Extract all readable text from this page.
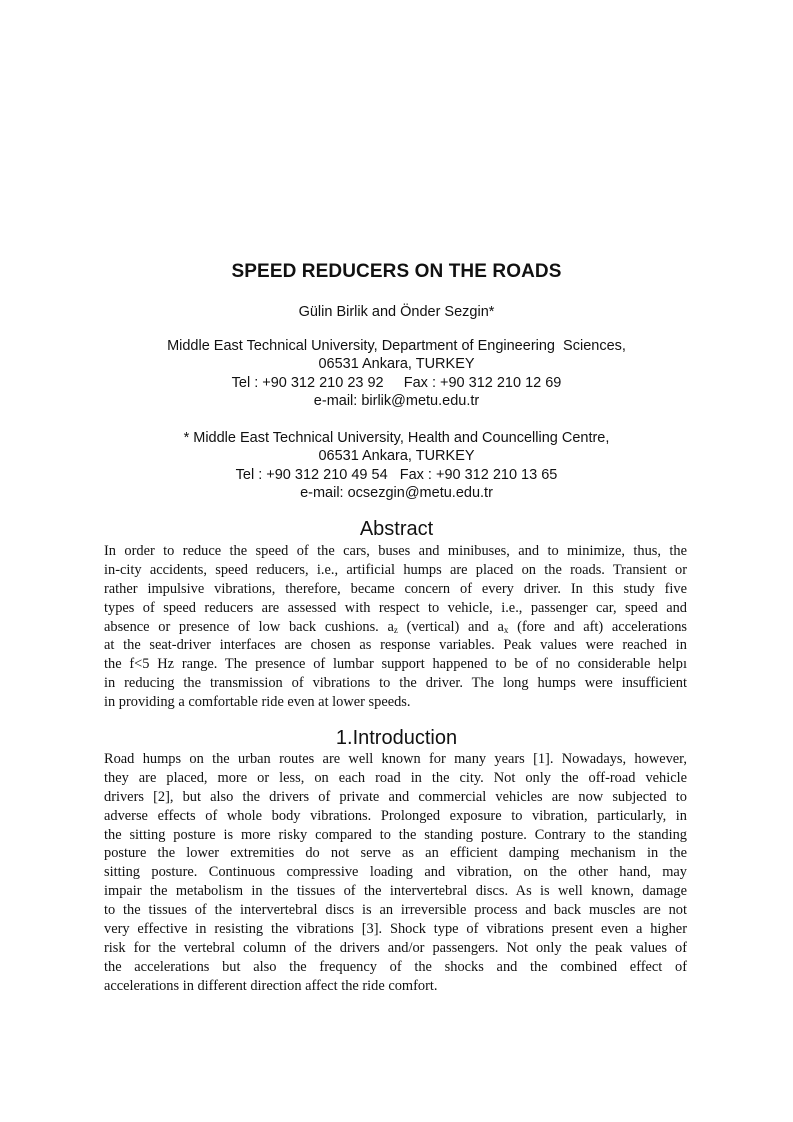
SPEED REDUCERS ON THE ROADS
Gülin Birlik and Önder Sezgin*
Middle East Technical University, Department of Engineering  Sciences,
06531 Ankara, TURKEY
Tel : +90 312 210 23 92     Fax : +90 312 210 12 69
e-mail: birlik@metu.edu.tr
* Middle East Technical University, Health and Councelling Centre,
06531 Ankara, TURKEY
Tel : +90 312 210 49 54   Fax : +90 312 210 13 65
e-mail: ocsezgin@metu.edu.tr
Abstract
In order to reduce the speed of the cars, buses and minibuses, and to minimize, thus, the
in-city accidents, speed reducers, i.e., artificial humps are placed on the roads. Transient or
rather impulsive vibrations, therefore, became concern of every driver. In this study five
types of speed reducers are assessed with respect to vehicle, i.e., passenger car, speed and
absence or presence of low back cushions. $a_z$ (vertical) and $a_x$ (fore and aft) accelerations
at the seat-driver interfaces are chosen as response variables. Peak values were reached in
the f<5 Hz range. The presence of lumbar support happened to be of no considerable helpı
in reducing the transmission of vibrations to the driver. The long humps were insufficient
in providing a comfortable ride even at lower speeds.
1.Introduction
Road humps on the urban routes are well known for many years [1]. Nowadays, however,
they are placed, more or less, on each road in the city. Not only the off-road vehicle
drivers [2], but also the drivers of private and commercial vehicles are now subjected to
adverse effects of whole body vibrations. Prolonged exposure to vibration, particularly, in
the sitting posture is more risky compared to the standing posture. Contrary to the standing
posture the lower extremities do not serve as an efficient damping mechanism in the
sitting posture. Continuous compressive loading and vibration, on the other hand, may
impair the metabolism in the tissues of the intervertebral discs. As is well known, damage
to the tissues of the intervertebral discs is an irreversible process and back muscles are not
very effective in resisting the vibrations [3]. Shock type of vibrations present even a higher
risk for the vertebral column of the drivers and/or passengers. Not only the peak values of
the accelerations but also the frequency of the shocks and the combined effect of
accelerations in different direction affect the ride comfort.
